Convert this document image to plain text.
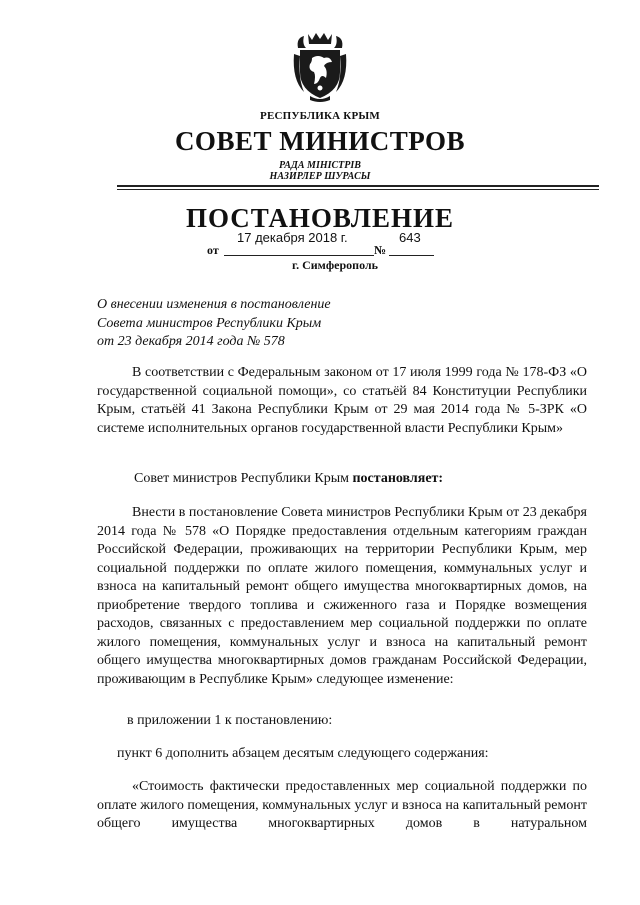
РЕСПУБЛИКА КРЫМ
СОВЕТ МИНИСТРОВ
РАДА МІНІСТРІВ
НАЗИРЛЕР ШУРАСЫ
ПОСТАНОВЛЕНИЕ
от
17 декабря 2018 г.
№
643
г. Симферополь
О внесении изменения в постановление
Совета министров Республики Крым
от 23 декабря 2014 года № 578
В соответствии с Федеральным законом от 17 июля 1999 года № 178-ФЗ «О государственной социальной помощи», со статьёй 84 Конституции Республики Крым, статьёй 41 Закона Республики Крым от 29 мая 2014 года № 5-ЗРК «О системе исполнительных органов государственной власти Республики Крым»
Совет министров Республики Крым постановляет:
Внести в постановление Совета министров Республики Крым от 23 декабря 2014 года № 578 «О Порядке предоставления отдельным категориям граждан Российской Федерации, проживающих на территории Республики Крым, мер социальной поддержки по оплате жилого помещения, коммунальных услуг и взноса на капитальный ремонт общего имущества многоквартирных домов, на приобретение твердого топлива и сжиженного газа и Порядке возмещения расходов, связанных с предоставлением мер социальной поддержки по оплате жилого помещения, коммунальных услуг и взноса на капитальный ремонт общего имущества многоквартирных домов гражданам Российской Федерации, проживающим в Республике Крым» следующее изменение:
в приложении 1 к постановлению:
пункт 6 дополнить абзацем десятым следующего содержания:
«Стоимость фактически предоставленных мер социальной поддержки по оплате жилого помещения, коммунальных услуг и взноса на капитальный ремонт общего имущества многоквартирных домов в натуральном
